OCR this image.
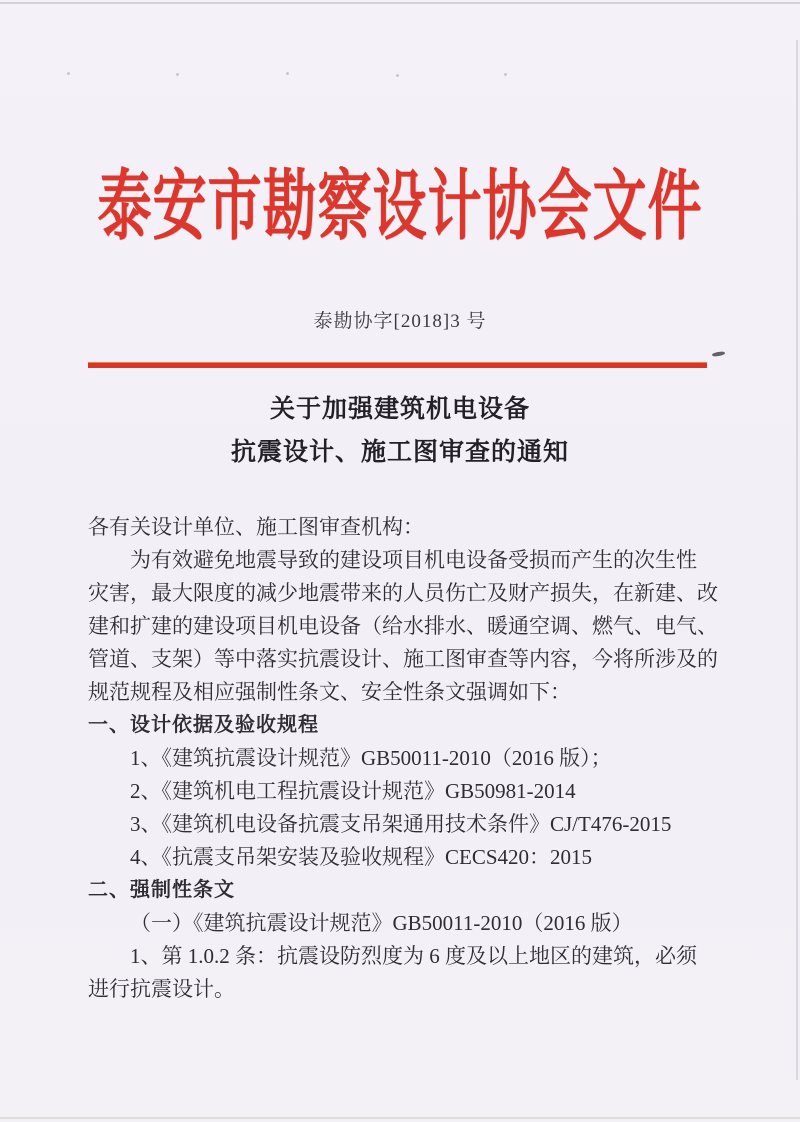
泰安市勘察设计协会文件
泰勘协字[2018]3 号
关于加强建筑机电设备
抗震设计、施工图审查的通知
各有关设计单位、施工图审查机构：
为有效避免地震导致的建设项目机电设备受损而产生的次生性
灾害，最大限度的减少地震带来的人员伤亡及财产损失，在新建、改
建和扩建的建设项目机电设备（给水排水、暖通空调、燃气、电气、
管道、支架）等中落实抗震设计、施工图审查等内容，今将所涉及的
规范规程及相应强制性条文、安全性条文强调如下：
一、设计依据及验收规程
1、《建筑抗震设计规范》GB50011-2010（2016 版）；
2、《建筑机电工程抗震设计规范》GB50981-2014
3、《建筑机电设备抗震支吊架通用技术条件》CJ/T476-2015
4、《抗震支吊架安装及验收规程》CECS420：2015
二、强制性条文
（一）《建筑抗震设计规范》GB50011-2010（2016 版）
1、第 1.0.2 条：抗震设防烈度为 6 度及以上地区的建筑，必须
进行抗震设计。
